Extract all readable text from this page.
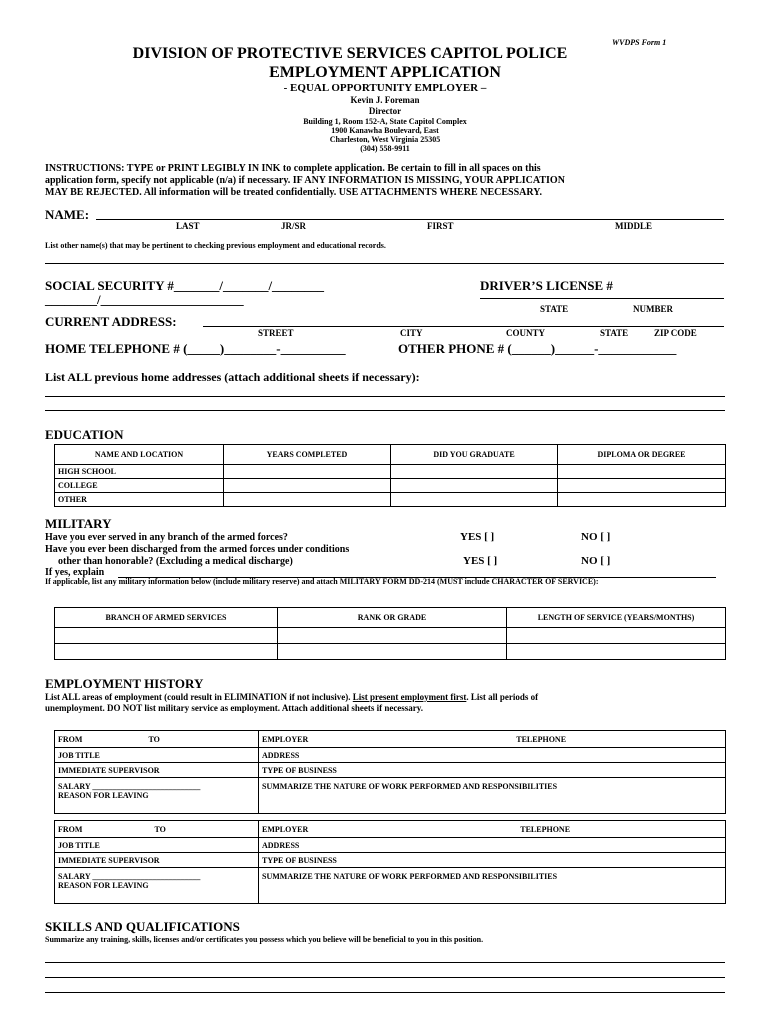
WVDPS Form 1
DIVISION OF PROTECTIVE SERVICES CAPITOL POLICE
EMPLOYMENT APPLICATION
- EQUAL OPPORTUNITY EMPLOYER –
Kevin J. Foreman
Director
Building 1, Room 152-A, State Capitol Complex
1900 Kanawha Boulevard, East
Charleston, West Virginia 25305
(304) 558-9911
INSTRUCTIONS: TYPE or PRINT LEGIBLY IN INK to complete application. Be certain to fill in all spaces on this
application form, specify not applicable (n/a) if necessary. IF ANY INFORMATION IS MISSING, YOUR APPLICATION
MAY BE REJECTED. All information will be treated confidentially. USE ATTACHMENTS WHERE NECESSARY.
NAME:
LAST	JR/SR	FIRST	MIDDLE
List other name(s) that may be pertinent to checking previous employment and educational records.
SOCIAL SECURITY #_______/_______/________
________/______________________
DRIVER’S LICENSE #
STATE	NUMBER
CURRENT ADDRESS:
STREET	CITY	COUNTY	STATE	ZIP CODE
HOME TELEPHONE # (_____)________-__________	OTHER PHONE # (______)______-____________
List ALL previous home addresses (attach additional sheets if necessary):
EDUCATION
NAME AND LOCATION	YEARS COMPLETED	DID YOU GRADUATE	DIPLOMA OR DEGREE
HIGH SCHOOL			
COLLEGE			
OTHER			
MILITARY
Have you ever served in any branch of the armed forces?
Have you ever been discharged from the armed forces under conditions
other than honorable? (Excluding a medical discharge)
YES [ ]	NO [ ]
YES [ ]	NO [ ]
If yes, explain
If applicable, list any military information below (include military reserve) and attach MILITARY FORM DD-214 (MUST include CHARACTER OF SERVICE):
BRANCH OF ARMED SERVICES	RANK OR GRADE	LENGTH OF SERVICE (YEARS/MONTHS)

EMPLOYMENT HISTORY
List ALL areas of employment (could result in ELIMINATION if not inclusive). List present employment first. List all periods of
unemployment. DO NOT list military service as employment. Attach additional sheets if necessary.
FROM TO	EMPLOYER TELEPHONE
JOB TITLE	ADDRESS
IMMEDIATE SUPERVISOR	TYPE OF BUSINESS

SALARY ___________________________
REASON FOR LEAVING	SUMMARIZE THE NATURE OF WORK PERFORMED AND RESPONSIBILITIES
FROM TO	EMPLOYER TELEPHONE
JOB TITLE	ADDRESS
IMMEDIATE SUPERVISOR	TYPE OF BUSINESS

SALARY ___________________________
REASON FOR LEAVING	SUMMARIZE THE NATURE OF WORK PERFORMED AND RESPONSIBILITIES
SKILLS AND QUALIFICATIONS
Summarize any training, skills, licenses and/or certificates you possess which you believe will be beneficial to you in this position.
